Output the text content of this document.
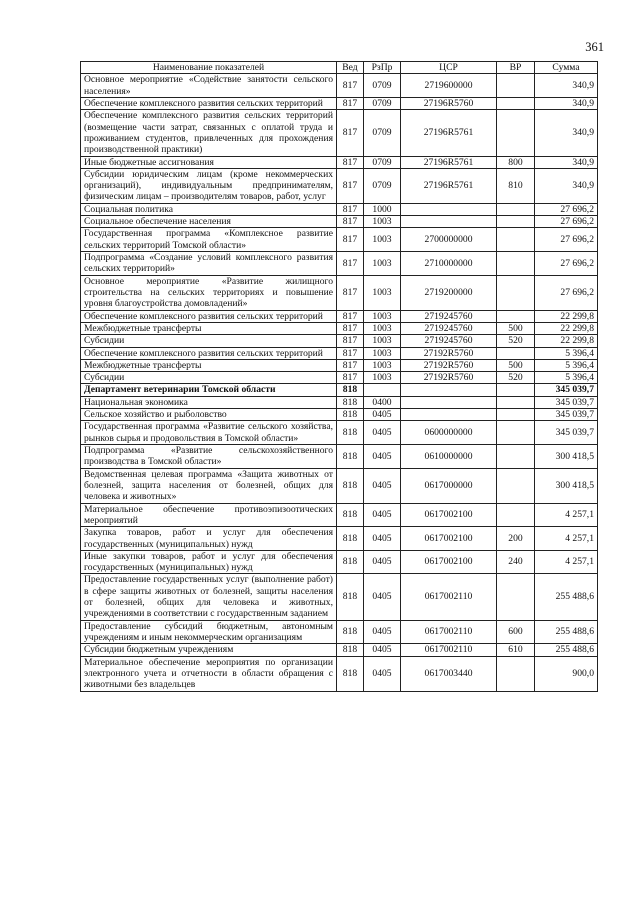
361
Наименование показателей	Вед	РзПр	ЦСР	ВР	Сумма
Основное мероприятие «Содействие занятости сельского населения»	817	0709	2719600000		340,9
Обеспечение комплексного развития сельских территорий	817	0709	27196R5760		340,9
Обеспечение комплексного развития сельских территорий (возмещение части затрат, связанных с оплатой труда и проживанием студентов, привлеченных для прохождения производственной практики)	817	0709	27196R5761		340,9
Иные бюджетные ассигнования	817	0709	27196R5761	800	340,9
Субсидии юридическим лицам (кроме некоммерческих организаций), индивидуальным предпринимателям, физическим лицам – производителям товаров, работ, услуг	817	0709	27196R5761	810	340,9
Социальная политика	817	1000			27 696,2
Социальное обеспечение населения	817	1003			27 696,2
Государственная программа «Комплексное развитие сельских территорий Томской области»	817	1003	2700000000		27 696,2
Подпрограмма «Создание условий комплексного развития сельских территорий»	817	1003	2710000000		27 696,2
Основное мероприятие «Развитие жилищного строительства на сельских территориях и повышение уровня благоустройства домовладений»	817	1003	2719200000		27 696,2
Обеспечение комплексного развития сельских территорий	817	1003	2719245760		22 299,8
Межбюджетные трансферты	817	1003	2719245760	500	22 299,8
Субсидии	817	1003	2719245760	520	22 299,8
Обеспечение комплексного развития сельских территорий	817	1003	27192R5760		5 396,4
Межбюджетные трансферты	817	1003	27192R5760	500	5 396,4
Субсидии	817	1003	27192R5760	520	5 396,4
Департамент ветеринарии Томской области	818				345 039,7
Национальная экономика	818	0400			345 039,7
Сельское хозяйство и рыболовство	818	0405			345 039,7
Государственная программа «Развитие сельского хозяйства, рынков сырья и продовольствия в Томской области»	818	0405	0600000000		345 039,7
Подпрограмма «Развитие сельскохозяйственного производства в Томской области»	818	0405	0610000000		300 418,5
Ведомственная целевая программа «Защита животных от болезней, защита населения от болезней, общих для человека и животных»	818	0405	0617000000		300 418,5
Материальное обеспечение противоэпизоотических мероприятий	818	0405	0617002100		4 257,1
Закупка товаров, работ и услуг для обеспечения государственных (муниципальных) нужд	818	0405	0617002100	200	4 257,1
Иные закупки товаров, работ и услуг для обеспечения государственных (муниципальных) нужд	818	0405	0617002100	240	4 257,1
Предоставление государственных услуг (выполнение работ) в сфере защиты животных от болезней, защиты населения от болезней, общих для человека и животных, учреждениями в соответствии с государственным заданием	818	0405	0617002110		255 488,6
Предоставление субсидий бюджетным, автономным учреждениям и иным некоммерческим организациям	818	0405	0617002110	600	255 488,6
Субсидии бюджетным учреждениям	818	0405	0617002110	610	255 488,6
Материальное обеспечение мероприятия по организации электронного учета и отчетности в области обращения с животными без владельцев	818	0405	0617003440		900,0
